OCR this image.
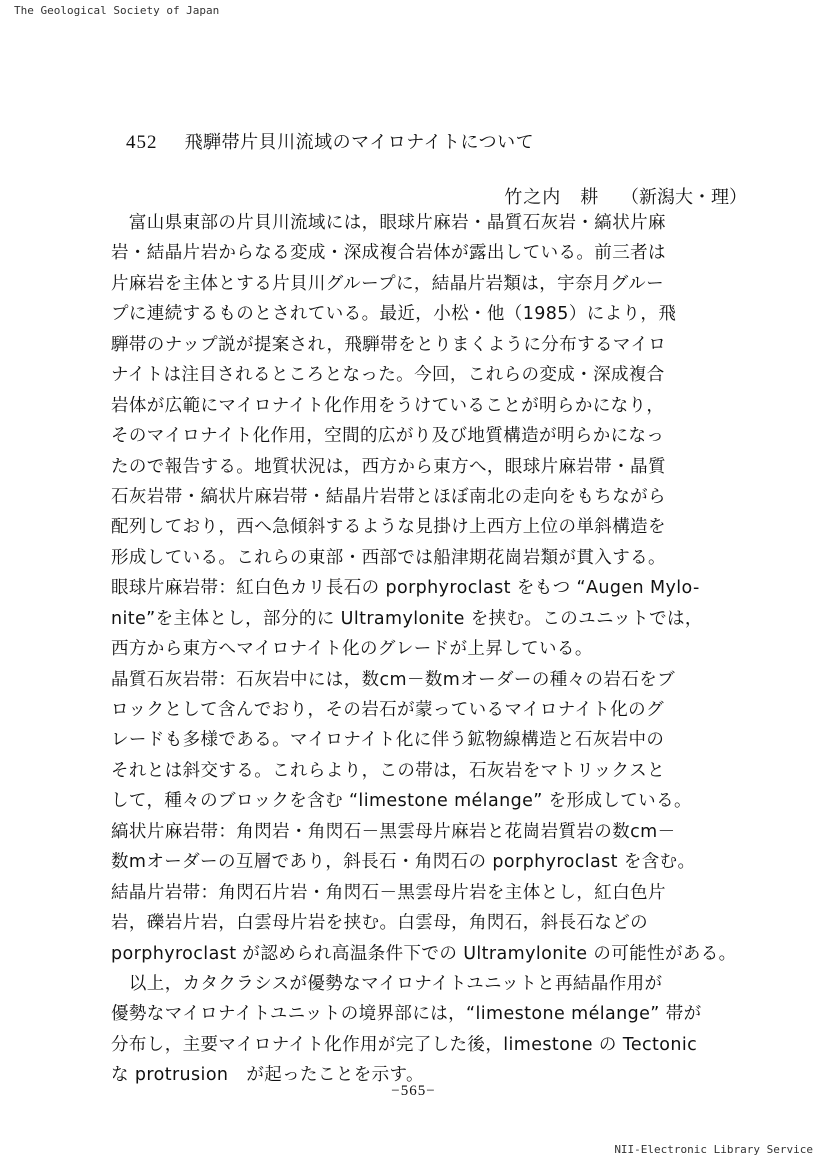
The Geological Society of Japan
452 飛騨帯片貝川流域のマイロナイトについて
竹之内　耕 （新潟大・理）
　富山県東部の片貝川流域には，眼球片麻岩・晶質石灰岩・縞状片麻
岩・結晶片岩からなる変成・深成複合岩体が露出している。前三者は
片麻岩を主体とする片貝川グループに，結晶片岩類は，宇奈月グルー
プに連続するものとされている。最近，小松・他（1985）により，飛
騨帯のナップ説が提案され，飛騨帯をとりまくように分布するマイロ
ナイトは注目されるところとなった。今回，これらの変成・深成複合
岩体が広範にマイロナイト化作用をうけていることが明らかになり，
そのマイロナイト化作用，空間的広がり及び地質構造が明らかになっ
たので報告する。地質状況は，西方から東方へ，眼球片麻岩帯・晶質
石灰岩帯・縞状片麻岩帯・結晶片岩帯とほぼ南北の走向をもちながら
配列しており，西へ急傾斜するような見掛け上西方上位の単斜構造を
形成している。これらの東部・西部では船津期花崗岩類が貫入する。
眼球片麻岩帯：紅白色カリ長石の porphyroclast をもつ “Augen Mylo-
nite”を主体とし，部分的に Ultramylonite を挟む。このユニットでは，
西方から東方へマイロナイト化のグレードが上昇している。
晶質石灰岩帯：石灰岩中には，数cm－数mオーダーの種々の岩石をブ
ロックとして含んでおり，その岩石が蒙っているマイロナイト化のグ
レードも多様である。マイロナイト化に伴う鉱物線構造と石灰岩中の
それとは斜交する。これらより，この帯は，石灰岩をマトリックスと
して，種々のブロックを含む “limestone mélange” を形成している。
縞状片麻岩帯：角閃岩・角閃石－黒雲母片麻岩と花崗岩質岩の数cm－
数mオーダーの互層であり，斜長石・角閃石の porphyroclast を含む。
結晶片岩帯：角閃石片岩・角閃石－黒雲母片岩を主体とし，紅白色片
岩，礫岩片岩，白雲母片岩を挟む。白雲母，角閃石，斜長石などの
porphyroclast が認められ高温条件下での Ultramylonite の可能性がある。
　以上，カタクラシスが優勢なマイロナイトユニットと再結晶作用が
優勢なマイロナイトユニットの境界部には，“limestone mélange” 帯が
分布し，主要マイロナイト化作用が完了した後，limestone の Tectonic
な protrusion　が起ったことを示す。
−565−
NII-Electronic Library Service
